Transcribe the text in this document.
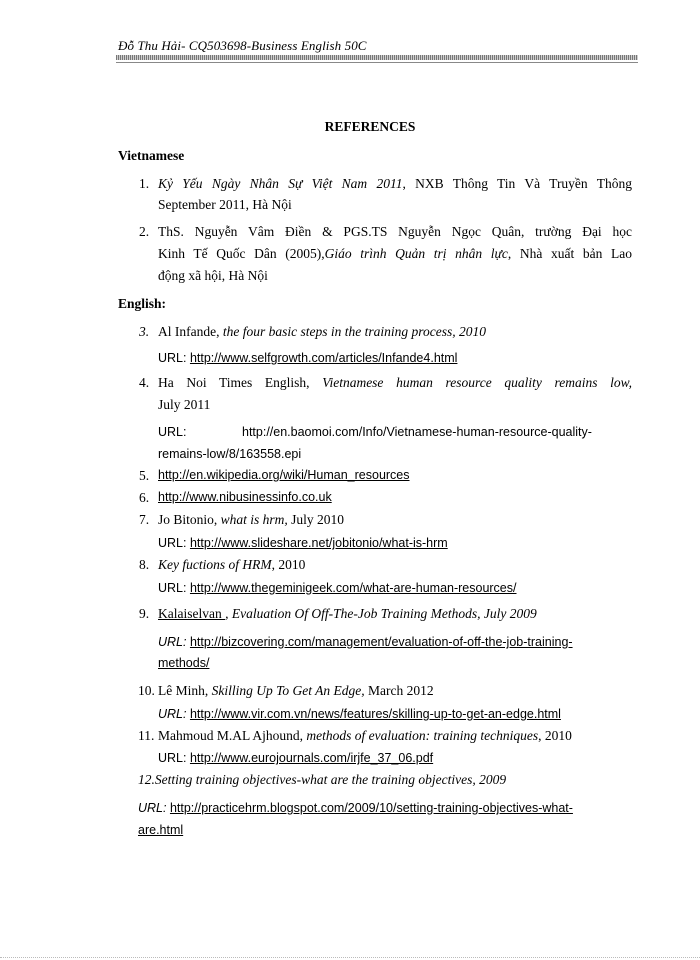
Đỗ Thu Hải- CQ503698-Business English 50C
REFERENCES
Vietnamese
1. Kỷ Yếu Ngày Nhân Sự Việt Nam 2011, NXB Thông Tin Và Truyền Thông
September 2011, Hà Nội
2. ThS.  Nguyễn  Vâm  Điền  &  PGS.TS  Nguyễn  Ngọc  Quân,  trường  Đại  học
Kinh Tế Quốc Dân (2005),Giáo trình Quản trị nhân lực, Nhà xuất bản Lao
động xã hội, Hà Nội
English:
3. Al Infande, the four basic steps in the training process, 2010
URL: http://www.selfgrowth.com/articles/Infande4.html
4. Ha Noi Times English, Vietnamese human resource quality remains low,
July 2011
URL:	http://en.baomoi.com/Info/Vietnamese-human-resource-quality-
remains-low/8/163558.epi
5. http://en.wikipedia.org/wiki/Human_resources
6. http://www.nibusinessinfo.co.uk
7. Jo Bitonio, what is hrm, July 2010
URL: http://www.slideshare.net/jobitonio/what-is-hrm
8. Key fuctions of HRM, 2010
URL: http://www.thegeminigeek.com/what-are-human-resources/
9. Kalaiselvan , Evaluation Of Off-The-Job Training Methods, July 2009
URL: http://bizcovering.com/management/evaluation-of-off-the-job-training-
methods/
10. Lê Minh, Skilling Up To Get An Edge, March 2012
URL: http://www.vir.com.vn/news/features/skilling-up-to-get-an-edge.html
11. Mahmoud M.AL Ajhound, methods of evaluation: training techniques, 2010
URL: http://www.eurojournals.com/irjfe_37_06.pdf
12.Setting training objectives-what are the training objectives, 2009
URL: http://practicehrm.blogspot.com/2009/10/setting-training-objectives-what-
are.html
